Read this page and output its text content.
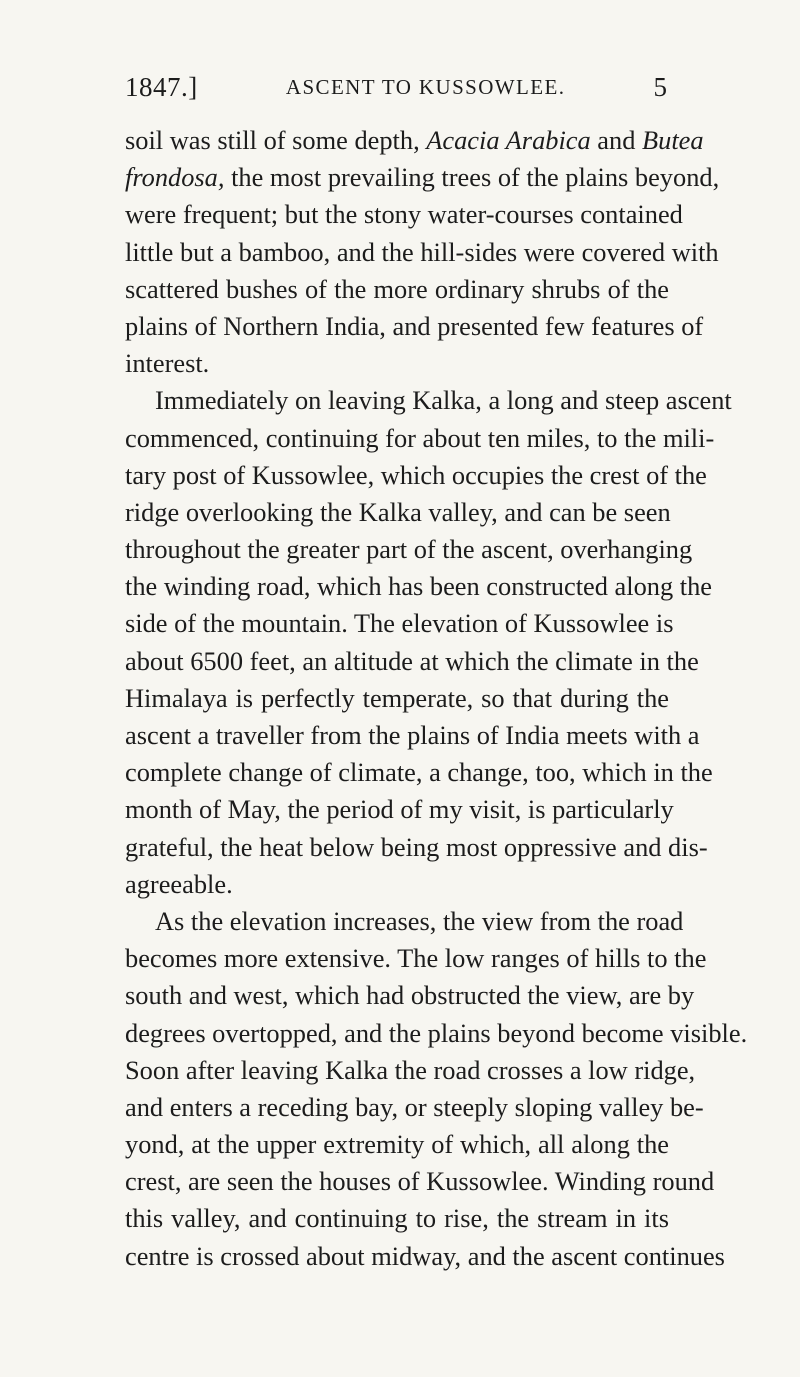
1847.]	ASCENT TO KUSSOWLEE.	5
soil was still of some depth, Acacia Arabica and Butea
frondosa, the most prevailing trees of the plains beyond,
were frequent; but the stony water-courses contained
little but a bamboo, and the hill-sides were covered with
scattered bushes of the more ordinary shrubs of the
plains of Northern India, and presented few features of
interest.
Immediately on leaving Kalka, a long and steep ascent
commenced, continuing for about ten miles, to the mili-
tary post of Kussowlee, which occupies the crest of the
ridge overlooking the Kalka valley, and can be seen
throughout the greater part of the ascent, overhanging
the winding road, which has been constructed along the
side of the mountain. The elevation of Kussowlee is
about 6500 feet, an altitude at which the climate in the
Himalaya is perfectly temperate, so that during the
ascent a traveller from the plains of India meets with a
complete change of climate, a change, too, which in the
month of May, the period of my visit, is particularly
grateful, the heat below being most oppressive and dis-
agreeable.
As the elevation increases, the view from the road
becomes more extensive. The low ranges of hills to the
south and west, which had obstructed the view, are by
degrees overtopped, and the plains beyond become visible.
Soon after leaving Kalka the road crosses a low ridge,
and enters a receding bay, or steeply sloping valley be-
yond, at the upper extremity of which, all along the
crest, are seen the houses of Kussowlee. Winding round
this valley, and continuing to rise, the stream in its
centre is crossed about midway, and the ascent continues
